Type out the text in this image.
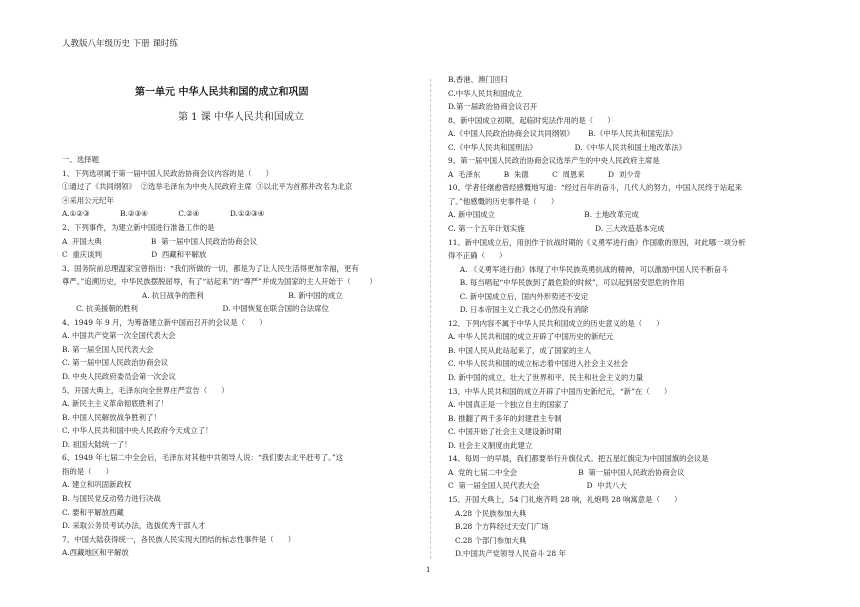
人教版八年级历史 下册 课时练

一、选择题
1、下列选项属于第一届中国人民政治协商会议内容的是（      ）
①通过了《共同纲领》  ②选举毛泽东为中央人民政府主席  ③以北平为首都并改名为北京
④采用公元纪年
A.①②③             B.②③④             C.②④             D.①②③④
2、下列事件，为建立新中国进行准备工作的是
A  开国大典                     B  第一届中国人民政治协商会议
C  重庆谈判                     D  西藏和平解放
3、国务院前总理温家宝曾指出：“我们所做的一切，都是为了让人民生活得更加幸福，更有
尊严。”追溯历史，中华民族摆脱屈辱，有了“站起来”的“尊严”并成为国家的主人开始于（        ）
A. 抗日战争的胜利                                    B. 新中国的成立
C. 抗美援朝的胜利                                    D. 中国恢复在联合国的合法席位
4、1949 年 9 月，为筹备建立新中国而召开的会议是（      ）
A. 中国共产党第一次全国代表大会
B. 第一届全国人民代表大会
C. 第一届中国人民政治协商会议
D. 中央人民政府委员会第一次会议
5、开国大典上，毛泽东向全世界庄严宣告（      ）
A. 新民主主义革命彻底胜利了！
B. 中国人民解放战争胜利了！
C. 中华人民共和国中央人民政府今天成立了！
D. 祖国大陆统一了！
6、1949 年七届二中全会后，毛泽东对其他中共领导人说：“我们要去北平赶考了。”这
指的是（      ）
A. 建立和巩固新政权
B. 与国民党反动势力进行决战
C. 要和平解放西藏
D. 采取公务员考试办法，选拔优秀干部人才
7、中国大陆获得统一，各民族人民实现大团结的标志性事件是（      ）
A.西藏地区和平解放
第一单元 中华人民共和国的成立和巩固
第 1 课 中华人民共和国成立
B.香港、澳门回归
C.中华人民共和国成立
D.第一届政治协商会议召开
8、新中国成立初期，起临时宪法作用的是（      ）
A.《中国人民政治协商会议共同纲领》      B.《中华人民共和国宪法》
C.《中华人民共和国刑法》                D.《中华人民共和国土地改革法》
9、第一届中国人民政治协商会议选举产生的中央人民政府主席是
A  毛泽东          B  朱德          C  周恩来          D  刘少奇
10、学者任继愈曾经感慨地写道：“经过百年的奋斗，几代人的努力，中国人民终于站起来
了。”他感慨的历史事件是（      ）
A. 新中国成立                                      B. 土地改革完成
C. 第一个五年计划实施                              D. 三大改造基本完成
11、新中国成立后，用创作于抗战时期的《义勇军进行曲》作国歌的原因，对此哪一项分析
得不正确（      ）
A. 《义勇军进行曲》体现了中华民族英勇抗战的精神，可以激励中国人民不断奋斗
B. 每当唱起“中华民族到了最危险的时候”，可以起到居安思危的作用
C. 新中国成立后，国内外形势还不安定
D. 日本帝国主义亡我之心仍然没有消除
12、下列内容不属于中华人民共和国成立的历史意义的是（      ）
A. 中华人民共和国的成立开辟了中国历史的新纪元
B. 中国人民从此站起来了，成了国家的主人
C. 中华人民共和国的成立标志着中国进入社会主义社会
D. 新中国的成立，壮大了世界和平、民主和社会主义的力量
13、中华人民共和国的成立开辟了中国历史新纪元，“新”在（      ）
A. 中国真正是一个独立自主的国家了
B. 推翻了两千多年的封建君主专制
C. 中国开始了社会主义建设新时期
D. 社会主义制度由此建立
14、每周一的早晨，我们都要举行升旗仪式。把五星红旗定为中国国旗的会议是
A  党的七届二中全会                          B  第一届中国人民政治协商会议
C  第一届全国人民代表大会                    D  中共八大
15、开国大典上，54 门礼炮齐鸣 28 响，礼炮鸣 28 响寓意是（      ）
A.28 个民族参加大典
B.28 个方阵经过天安门广场
C.28 个部门参加大典
D.中国共产党领导人民奋斗 28 年
1
